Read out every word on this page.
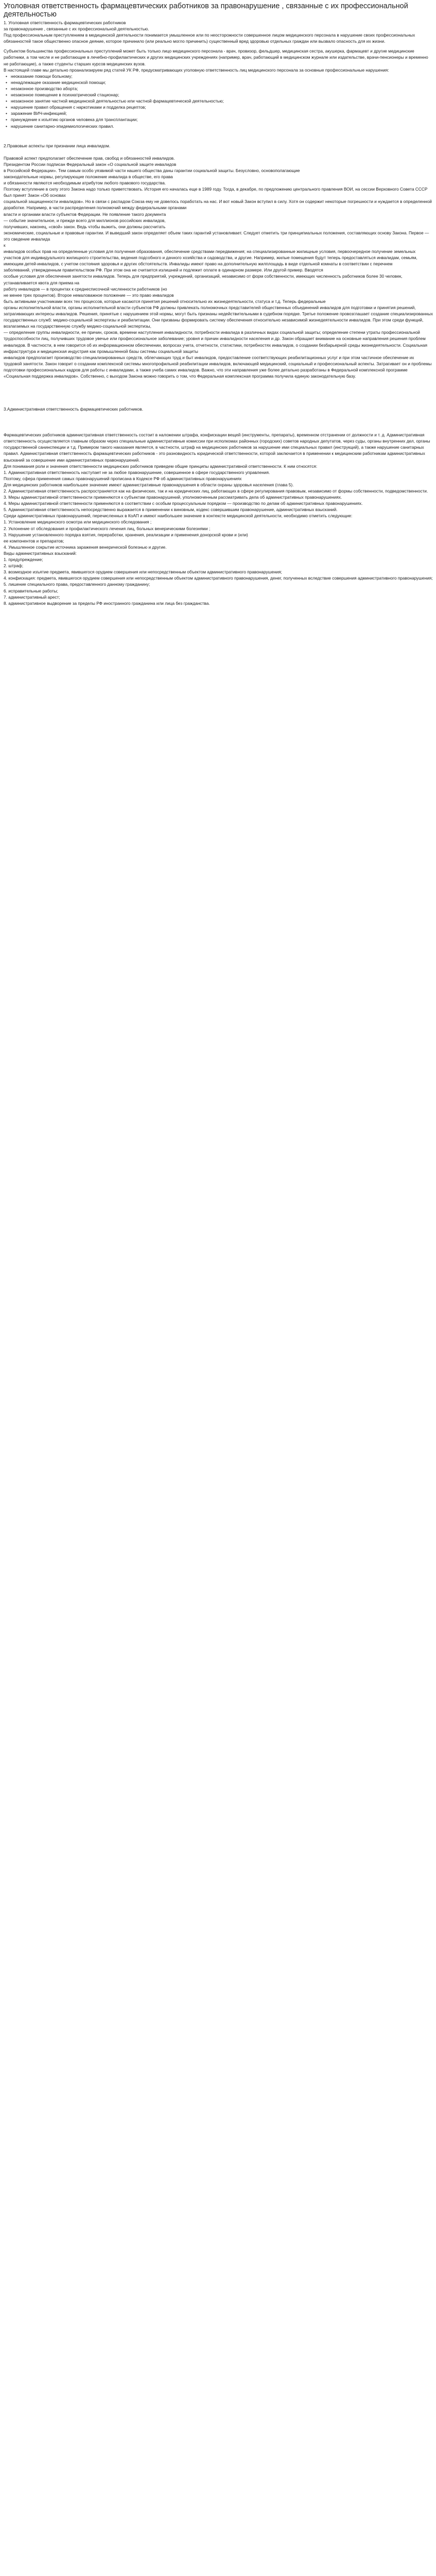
Уголовная ответственность фармацевтических работников за правонарушение , связанные с их профессиональной деятельностью

1. Уголовная ответственность фармацевтических работников

за правонарушение , связанные с их профессиональной деятельностью.

Под профессиональным преступлением в медицинской деятельности понимается умышленное или по неосторожности совершенное лицом медицинского персонала в нарушение своих профессиональных обязанностей такое общественно опасное деяние, которое причинило (или реально могло причинить) существенный вред здоровью отдельных граждан или вызвало опасность для их жизни.

Субъектом большинства профессиональных преступлений может быть только лицо медицинского персонала - врач, провизор, фельдшер, медицинская сестра, акушерка, фармацевт и другие медицинские работники, а том числе и не работающие в лечебно-профилактических и других медицинских учреждениях (например, врач, работающий в медицинском журнале или издательстве, врачи-пенсионеры и временно не работающие), а также студенты старших курсов медицинских вузов.

В настоящей главе мы детально проанализируем ряд статей УК РФ, предусматривающих уголовную ответственность лиц медицинского персонала за основные профессиональные нарушения:

• неоказание помощи больному;
• ненадлежащее оказание медицинской помощи;
• незаконное производство аборта;
• незаконное помещение в психиатрический стационар;
• незаконное занятие частной медицинской деятельностью или частной фармацевтической деятельностью;
• нарушение правил обращения с наркотиками и подделка рецептов;
• заражение ВИЧ-инфекцией;
• принуждение к изъятию органов человека для трансплантации;
• нарушение санитарно-эпидемиологических правил.

2.Правовые аспекты при признании лица инвалидом.

Правовой аспект предполагает обеспечение прав, свобод и обязанностей инвалидов.

Президентом России подписан Федеральный закон «О социальной защите инвалидов

в Российской Федерации». Тем самым особо уязвимой части нашего общества даны гарантии социальной защиты. Безусловно, основополагающие

законодательные нормы, регулирующие положение инвалида в обществе, его права

и обязанности являются необходимым атрибутом любого правового государства.

Поэтому вступление в силу этого Закона надо только приветствовать. История его началась еще в 1989 году. Тогда, в декабре, по предложению центрального правления ВОИ, на сессии Верховного Совета СССР был принят Закон «Об основах

социальной защищенности инвалидов». Но в связи с распадом Союза ему не довелось поработать на нас. И вот новый Закон вступил в силу. Хотя он содержит некоторые погрешности и нуждается в определенной доработке. Например, в части распределения полномочий между федеральными органами

власти и органами власти субъектов Федерации. Не появление такого документа

— событие значительное, и прежде всего для миллионов российских инвалидов,

получивших, наконец, «свой» закон. Ведь чтобы выжить, они должны рассчитать

экономические, социальные и правовые гарантии. И выведший закон определяет объем таких гарантий установливает. Следует отметить три принципиальных положения, составляющих основу Закона. Первое — это сведение инвалида

к

инвалидов особых прав на определенные условия для получения образования, обеспечение средствами передвижения; на специализированные жилищные условия, первоочередное получение земельных участков для индивидуального жилищного строительства, ведения подсобного и дачного хозяйства и садоводства, и другие. Например, жилые помещения будут теперь предоставляться инвалидам, семьям, имеющим детей-инвалидов, с учетом состояния здоровья и других обстоятельств. Инвалиды имеют право на дополнительную жилплощадь в виде отдельной комнаты в соответствии с перечнем

заболеваний, утвержденным правительством РФ. При этом она не считается излишней и подлежит оплате в одинарном размере. Или другой пример. Вводятся

особые условия для обеспечения занятости инвалидов. Теперь для предприятий, учреждений, организаций, независимо от форм собственности, имеющих численность работников более 30 человек, устанавливается квота для приема на

работу инвалидов — в процентах к среднесписочной численности работников (но

не менее трех процентов). Второе немаловажное положение — это право инвалидов

быть активными участниками всех тех процессов, которые касаются принятия решений относительно их жизнедеятельности, статуса и т.д. Теперь федеральные

органы исполнительной власти, органы исполнительной власти субъектов РФ должны привлекать полномочных представителей общественных объединений инвалидов для подготовки и принятия решений, затрагивающих интересы инвалидов. Решения, принятые с нарушением этой нормы, могут быть признаны недействительными в судебном порядке. Третье положение провозглашает создание специализированных государственных служб: медико-социальной экспертизы и реабилитации. Они призваны формировать систему обеспечения относительно независимой жизнедеятельности инвалидов. При этом среди функций, возлагаемых на государственную службу медико-социальной экспертизы,

— определение группы инвалидности, ее причин, сроков, времени наступления инвалидности, потребности инвалида в различных видах социальной защиты; определение степени утраты профессиональной трудоспособности лиц, получивших трудовое увечье или профессиональное заболевание; уровня и причин инвалидности населения и др. Закон обращает внимание на основные направления решения проблем инвалидов. В частности, в нем говорится об их информационном обеспечении, вопросах учета, отчетности, статистики, потребностях инвалидов, о создании безбарьерной среды жизнедеятельности. Социальная инфраструктура и медицинская индустрия как промышленной базы системы социальной защиты

инвалидов предполагает производство специализированных средств, облегчающих труд и быт инвалидов, предоставление соответствующих реабилитационных услуг и при этом частичное обеспечение их трудовой занятости. Закон говорит о создании комплексной системы многопрофильной реабилитации инвалидов, включающей медицинский, социальный и профессиональный аспекты. Затрагивает он и проблемы подготовки профессиональных кадров для работы с инвалидами, а также учеба самих инвалидов. Важно, что эти направления уже более детально разработаны в Федеральной комплексной программе «Социальная поддержка инвалидов». Собственно, с выходом Закона можно говорить о том, что Федеральная комплексная программа получила единую законодательную базу.

3.Административная ответственность фармацевтических работников.

Фармацевтических работников административная ответственность состоит в наложении штрафа, конфискации вещей (инструменты, препараты), временном отстранении от должности и т. д. Административная ответственность осуществляется главным образом через специальные административные комиссии при исполкомах районных (городских) советов народных депутатов, через суды, органы внутренних дел, органы государственной санинспекции и т.д. Примером такого наказания является, в частности, штраф на медицинских работников за нарушение ими специальных правил (инструкций), а также нарушение санитарных правил. Административная ответственность фармацевтических работников - это разновидность юридической ответственности, которой заключается в применении к медицинским работникам административных взысканий за совершение ими административных правонарушений.

Для понимания роли и значения ответственности медицинских работников приведем общие принципы административной ответственности. К ним относятся:

1. Административная ответственность наступает не за любое правонарушение, совершенное в сфере государственного управления.

Поэтому, сфера применения самых правонарушений прописана в Кодексе РФ об административных правонарушениях

Для медицинских работников наибольшее значение имеют административные правонарушения в области охраны здоровья населения (глава 5).

2. Административная ответственность распространяется как на физических, так и на юридических лиц, работающих в сфере регулирования правовым, независимо от формы собственности, подведомственности.

3. Меры административной ответственности применяются к субъектам правонарушений, уполномоченным рассматривать дела об административных правонарушениях.

4. Меры административной ответственности применяются в соответствии с особым процессуальным порядком — производство по делам об административных правонарушениях.

5. Административная ответственность непосредственно выражается в применении к виновным, кодекс совершившим правонарушение, административных взысканий.

Среди административных правонарушений, перечисленных в КоАП и имеют наибольшее значение в контексте медицинской деятельности, необходимо отметить следующие:

1. Установление медицинского осмотра или медицинского обследования ;

2. Уклонение от обследования и профилактического лечения лиц, больных венерическими болезнями ;

3. Нарушение установленного порядка взятия, переработки, хранения, реализации и применения донорской крови и (или)

ее компонентов и препаратов;

4. Умышленное сокрытие источника заражения венерической болезнью и другие.

Виды административных взысканий:

1. предупреждение;

2. штраф;

3. возмездное изъятие предмета, явившегося орудием совершения или непосредственным объектом административного правонарушения;

4. конфискация: предмета, явившегося орудием совершения или непосредственным объектом административного правонарушения, денег, полученных вследствие совершения административного правонарушения;

5. лишение специального права, предоставленного данному гражданину;

6. исправительные работы;

7. административный арест;

8. административное выдворение за пределы РФ иностранного гражданина или лица без гражданства.
